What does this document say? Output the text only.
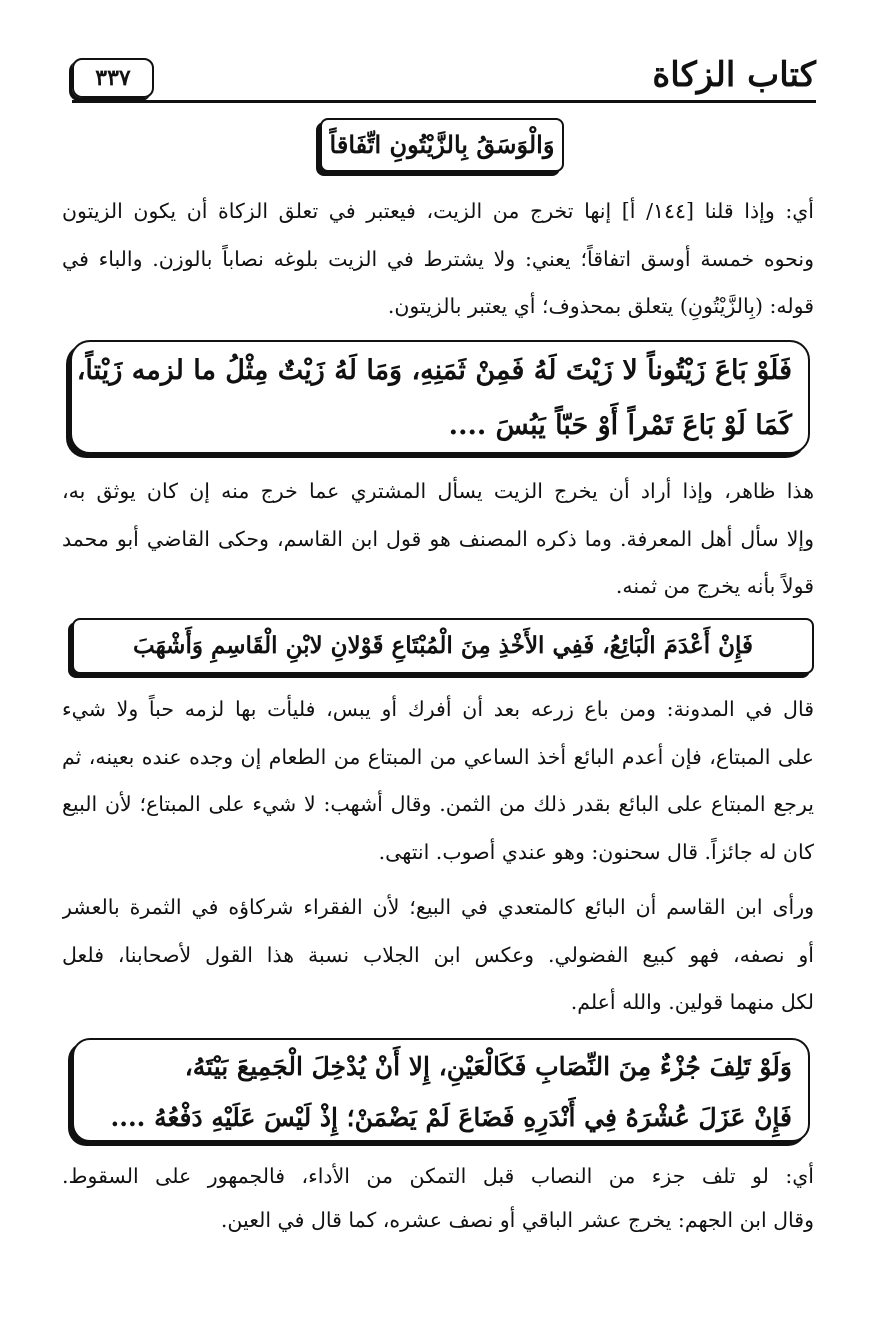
كتاب الزكاة
٣٣٧
وَالْوَسَقُ بِالزَّيْتُونِ اتِّفَاقاً
أي: وإذا قلنا [١٤٤/ أ] إنها تخرج من الزيت، فيعتبر في تعلق الزكاة أن يكون الزيتون
ونحوه خمسة أوسق اتفاقاً؛ يعني: ولا يشترط في الزيت بلوغه نصاباً بالوزن. والباء في
قوله: (بِالزَّيْتُونِ) يتعلق بمحذوف؛ أي يعتبر بالزيتون.
فَلَوْ بَاعَ زَيْتُوناً لا زَيْتَ لَهُ فَمِنْ ثَمَنِهِ، وَمَا لَهُ زَيْتٌ مِثْلُ ما لزمه زَيْتاً،
كَمَا لَوْ بَاعَ تَمْراً أَوْ حَبّاً يَبُسَ ....
هذا ظاهر، وإذا أراد أن يخرج الزيت يسأل المشتري عما خرج منه إن كان يوثق به،
وإلا سأل أهل المعرفة. وما ذكره المصنف هو قول ابن القاسم، وحكى القاضي أبو محمد
قولاً بأنه يخرج من ثمنه.
فَإِنْ أَعْدَمَ الْبَائِعُ، فَفِي الأَخْذِ مِنَ الْمُبْتَاعِ قَوْلانِ لابْنِ الْقَاسِمِ وَأَشْهَبَ
قال في المدونة: ومن باع زرعه بعد أن أفرك أو يبس، فليأت بها لزمه حباً ولا شيء
على المبتاع، فإن أعدم البائع أخذ الساعي من المبتاع من الطعام إن وجده عنده بعينه، ثم
يرجع المبتاع على البائع بقدر ذلك من الثمن. وقال أشهب: لا شيء على المبتاع؛ لأن البيع
كان له جائزاً. قال سحنون: وهو عندي أصوب. انتهى.
ورأى ابن القاسم أن البائع كالمتعدي في البيع؛ لأن الفقراء شركاؤه في الثمرة بالعشر
أو نصفه، فهو كبيع الفضولي. وعكس ابن الجلاب نسبة هذا القول لأصحابنا، فلعل
لكل منهما قولين. والله أعلم.
وَلَوْ تَلِفَ جُزْءٌ مِنَ النِّصَابِ فَكَالْعَيْنِ، إِلا أَنْ يُدْخِلَ الْجَمِيعَ بَيْتَهُ،
فَإِنْ عَزَلَ عُشْرَهُ فِي أَنْدَرِهِ فَضَاعَ لَمْ يَضْمَنْ؛ إِذْ لَيْسَ عَلَيْهِ دَفْعُهُ ....
أي: لو تلف جزء من النصاب قبل التمكن من الأداء، فالجمهور على السقوط.
وقال ابن الجهم: يخرج عشر الباقي أو نصف عشره، كما قال في العين.
